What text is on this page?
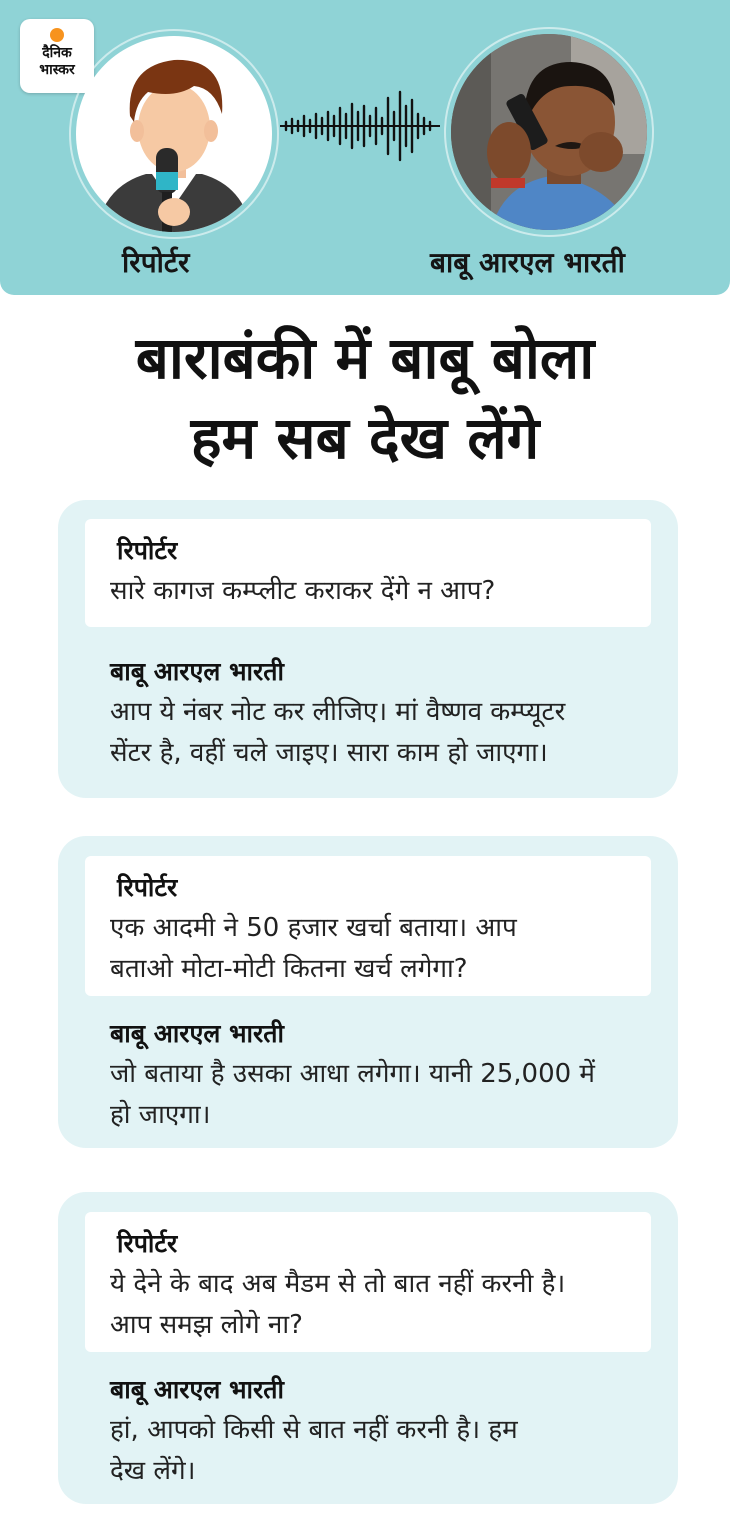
दैनिक
भास्कर
रिपोर्टर	बाबू आरएल भारती
बाराबंकी में बाबू बोला
हम सब देख लेंगे
रिपोर्टर
सारे कागज कम्प्लीट कराकर देंगे न आप?
बाबू आरएल भारती
आप ये नंबर नोट कर लीजिए। मां वैष्णव कम्प्यूटर
सेंटर है, वहीं चले जाइए। सारा काम हो जाएगा।
रिपोर्टर
एक आदमी ने 50 हजार खर्चा बताया। आप
बताओ मोटा-मोटी कितना खर्च लगेगा?
बाबू आरएल भारती
जो बताया है उसका आधा लगेगा। यानी 25,000 में
हो जाएगा।
रिपोर्टर
ये देने के बाद अब मैडम से तो बात नहीं करनी है।
आप समझ लोगे ना?
बाबू आरएल भारती
हां, आपको किसी से बात नहीं करनी है। हम
देख लेंगे।
